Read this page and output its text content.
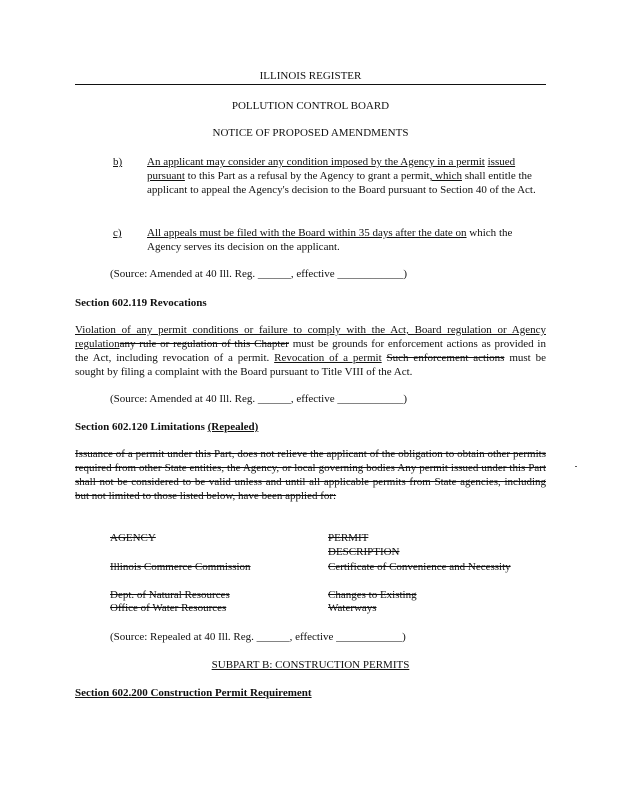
ILLINOIS REGISTER
POLLUTION CONTROL BOARD
NOTICE OF PROPOSED AMENDMENTS
b) An applicant may consider any condition imposed by the Agency in a permit issued pursuant to this Part as a refusal by the Agency to grant a permit, which shall entitle the applicant to appeal the Agency's decision to the Board pursuant to Section 40 of the Act.
c) All appeals must be filed with the Board within 35 days after the date on which the Agency serves its decision on the applicant.
(Source: Amended at 40 Ill. Reg. ______, effective ____________)
Section 602.119 Revocations
Violation of any permit conditions or failure to comply with the Act, Board regulation or Agency regulationany rule or regulation of this Chapter must be grounds for enforcement actions as provided in the Act, including revocation of a permit. Revocation of a permit Such enforcement actions must be sought by filing a complaint with the Board pursuant to Title VIII of the Act.
(Source: Amended at 40 Ill. Reg. ______, effective ____________)
Section 602.120 Limitations (Repealed)
Issuance of a permit under this Part, does not relieve the applicant of the obligation to obtain other permits required from other State entities, the Agency, or local governing bodies Any permit issued under this Part shall not be considered to be valid unless and until all applicable permits from State agencies, including but not limited to those listed below, have been applied for:
AGENCY	PERMIT
DESCRIPTION
Illinois Commerce Commission	Certificate of Convenience and Necessity
Dept. of Natural Resources	Changes to Existing
Office of Water Resources	Waterways
(Source: Repealed at 40 Ill. Reg. ______, effective ____________)
SUBPART B: CONSTRUCTION PERMITS
Section 602.200 Construction Permit Requirement
